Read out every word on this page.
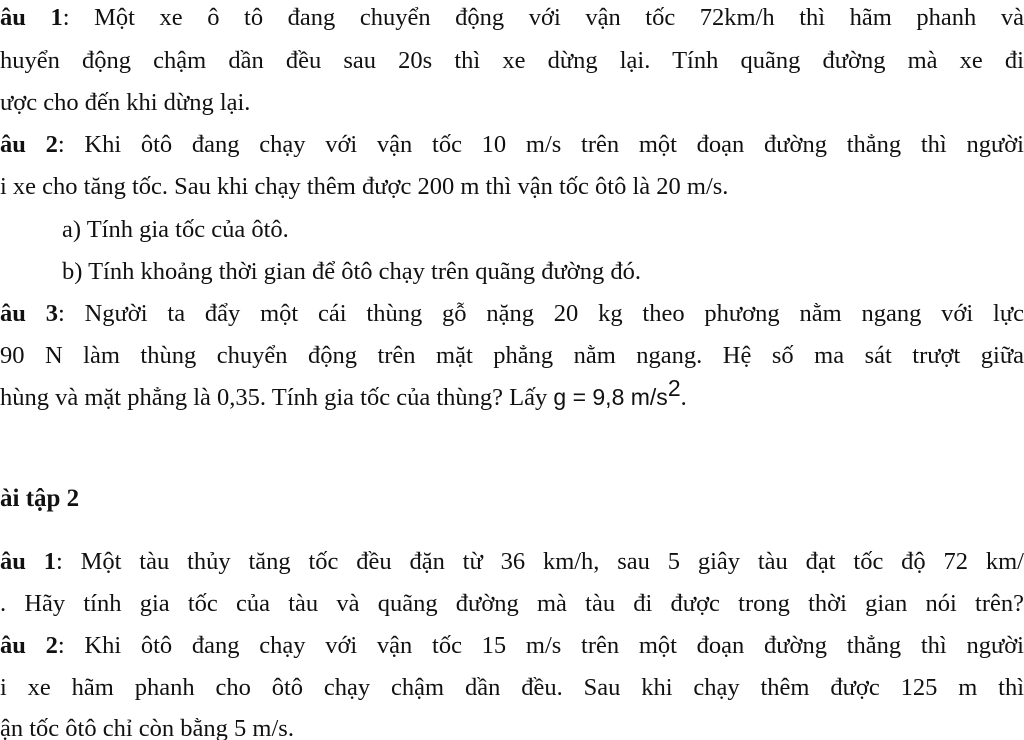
âu 1: Một xe ô tô đang chuyển động với vận tốc 72km/h thì hãm phanh và
huyển động chậm dần đều sau 20s thì xe dừng lại. Tính quãng đường mà xe đi
ược cho đến khi dừng lại.
âu 2: Khi ôtô đang chạy với vận tốc 10 m/s trên một đoạn đường thẳng thì người
i xe cho tăng tốc. Sau khi chạy thêm được 200 m thì vận tốc ôtô là 20 m/s.
a) Tính gia tốc của ôtô.
b) Tính khoảng thời gian để ôtô chạy trên quãng đường đó.
âu 3: Người ta đẩy một cái thùng gỗ nặng 20 kg theo phương nằm ngang với lực
90 N làm thùng chuyển động trên mặt phẳng nằm ngang. Hệ số ma sát trượt giữa
hùng và mặt phẳng là 0,35. Tính gia tốc của thùng? Lấy g = 9,8 $m/s^2$.
ài tập 2
âu 1: Một tàu thủy tăng tốc đều đặn từ 36 km/h, sau 5 giây tàu đạt tốc độ 72 km/
. Hãy tính gia tốc của tàu và quãng đường mà tàu đi được trong thời gian nói trên?
âu 2: Khi ôtô đang chạy với vận tốc 15 m/s trên một đoạn đường thẳng thì người
i xe hãm phanh cho ôtô chạy chậm dần đều. Sau khi chạy thêm được 125 m thì
ận tốc ôtô chỉ còn bằng 5 m/s.
